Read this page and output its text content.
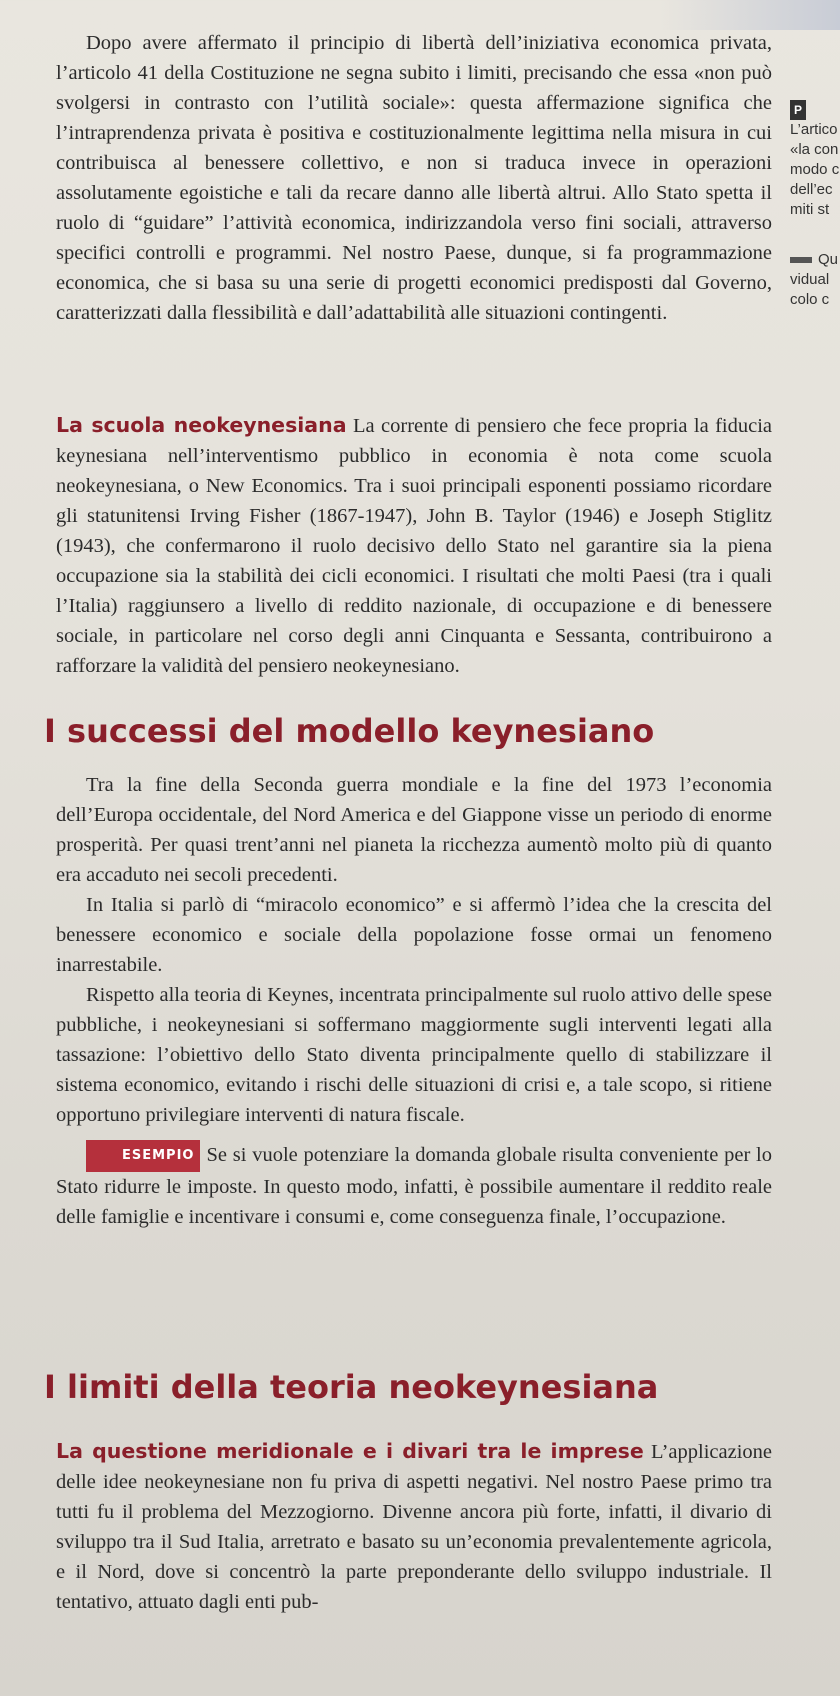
Dopo avere affermato il principio di libertà dell’iniziativa economica privata, l’articolo 41 della Costituzione ne segna subito i limiti, precisando che essa «non può svolgersi in contrasto con l’utilità sociale»: questa affermazione significa che l’intraprendenza privata è positiva e costituzionalmente legittima nella misura in cui contribuisca al benessere collettivo, e non si traduca invece in operazioni assolutamente egoistiche e tali da recare danno alle libertà altrui. Allo Stato spetta il ruolo di “guidare” l’attività economica, indirizzandola verso fini sociali, attraverso specifici controlli e programmi. Nel nostro Paese, dunque, si fa programmazione economica, che si basa su una serie di progetti economici predisposti dal Governo, caratterizzati dalla flessibilità e dall’adattabilità alle situazioni contingenti.

La scuola neokeynesiana La corrente di pensiero che fece propria la fiducia keynesiana nell’interventismo pubblico in economia è nota come scuola neokeynesiana, o New Economics. Tra i suoi principali esponenti possiamo ricordare gli statunitensi Irving Fisher (1867-1947), John B. Taylor (1946) e Joseph Stiglitz (1943), che confermarono il ruolo decisivo dello Stato nel garantire sia la piena occupazione sia la stabilità dei cicli economici. I risultati che molti Paesi (tra i quali l’Italia) raggiunsero a livello di reddito nazionale, di occupazione e di benessere sociale, in particolare nel corso degli anni Cinquanta e Sessanta, contribuirono a rafforzare la validità del pensiero neokeynesiano.

I successi del modello keynesiano

Tra la fine della Seconda guerra mondiale e la fine del 1973 l’economia dell’Europa occidentale, del Nord America e del Giappone visse un periodo di enorme prosperità. Per quasi trent’anni nel pianeta la ricchezza aumentò molto più di quanto era accaduto nei secoli precedenti.

In Italia si parlò di “miracolo economico” e si affermò l’idea che la crescita del benessere economico e sociale della popolazione fosse ormai un fenomeno inarrestabile.

Rispetto alla teoria di Keynes, incentrata principalmente sul ruolo attivo delle spese pubbliche, i neokeynesiani si soffermano maggiormente sugli interventi legati alla tassazione: l’obiettivo dello Stato diventa principalmente quello di stabilizzare il sistema economico, evitando i rischi delle situazioni di crisi e, a tale scopo, si ritiene opportuno privilegiare interventi di natura fiscale.

ESEMPIO Se si vuole potenziare la domanda globale risulta conveniente per lo Stato ridurre le imposte. In questo modo, infatti, è possibile aumentare il reddito reale delle famiglie e incentivare i consumi e, come conseguenza finale, l’occupazione.

I limiti della teoria neokeynesiana

La questione meridionale e i divari tra le imprese L’applicazione delle idee neokeynesiane non fu priva di aspetti negativi. Nel nostro Paese primo tra tutti fu il problema del Mezzogiorno. Divenne ancora più forte, infatti, il divario di sviluppo tra il Sud Italia, arretrato e basato su un’economia prevalentemente agricola, e il Nord, dove si concentrò la parte preponderante dello sviluppo industriale. Il tentativo, attuato dagli enti pub-

P
L’artico
«la con
modo c
dell’ec
miti st
Qu
vidual
colo c
